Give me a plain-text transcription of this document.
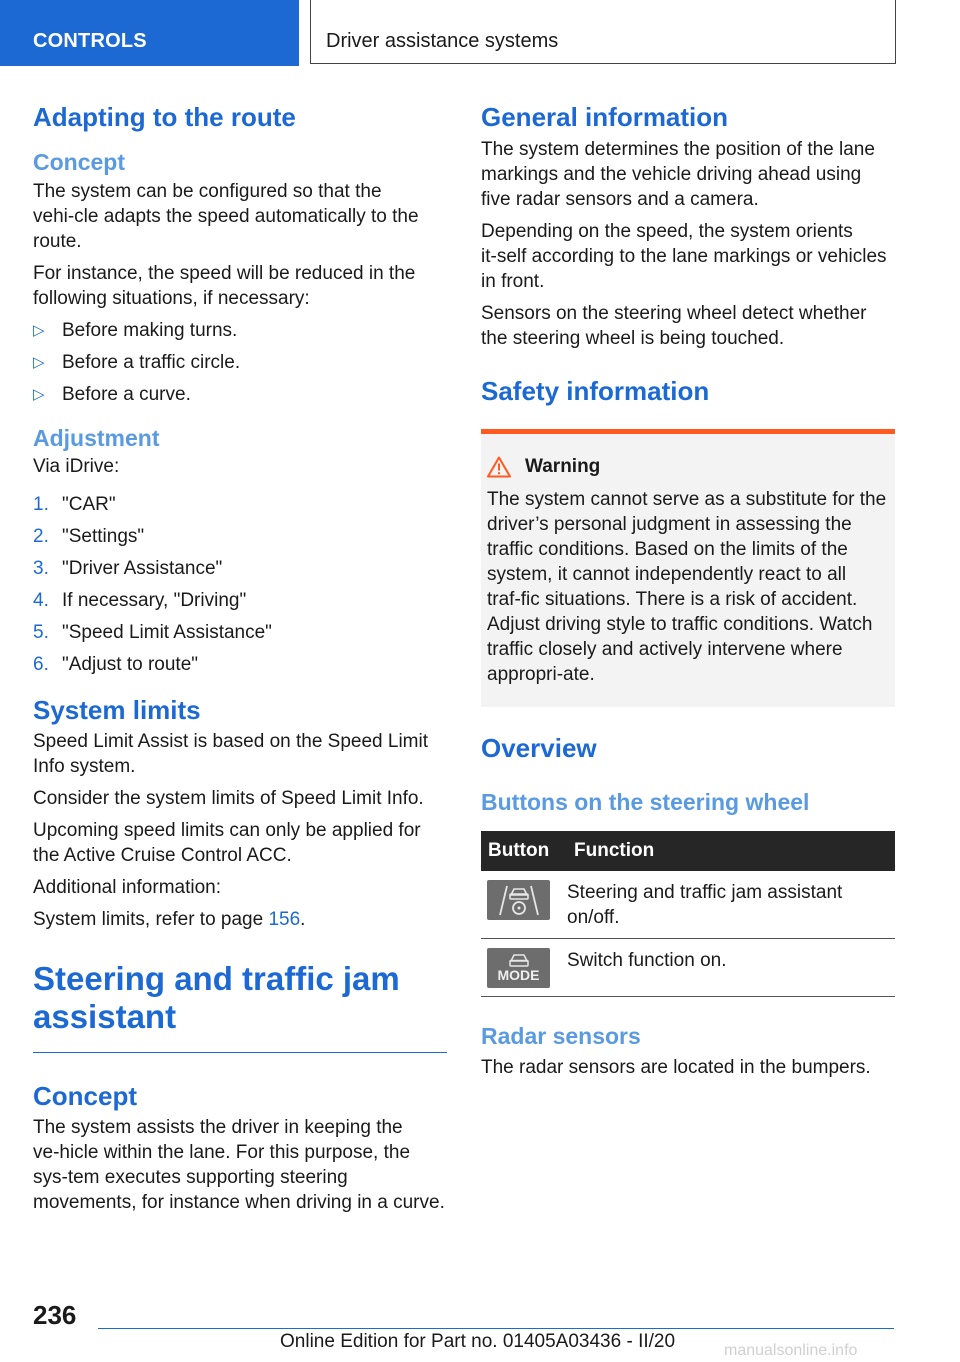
CONTROLS	Driver assistance systems
Adapting to the route
Concept

The system can be configured so that the vehi‑cle adapts the speed automatically to the route.

For instance, the speed will be reduced in the following situations, if necessary:

▷ Before making turns.
▷ Before a traffic circle.
▷ Before a curve.
Adjustment

Via iDrive:

1. "CAR"
2. "Settings"
3. "Driver Assistance"
4. If necessary, "Driving"
5. "Speed Limit Assistance"
6. "Adjust to route"
System limits

Speed Limit Assist is based on the Speed Limit Info system.

Consider the system limits of Speed Limit Info.

Upcoming speed limits can only be applied for the Active Cruise Control ACC.

Additional information:

System limits, refer to page 156.

Steering and traffic jam assistant
Concept

The system assists the driver in keeping the ve‑hicle within the lane. For this purpose, the sys‑tem executes supporting steering movements, for instance when driving in a curve.

General information

The system determines the position of the lane markings and the vehicle driving ahead using five radar sensors and a camera.

Depending on the speed, the system orients it‑self according to the lane markings or vehicles in front.

Sensors on the steering wheel detect whether the steering wheel is being touched.

Safety information
Warning

The system cannot serve as a substitute for the driver’s personal judgment in assessing the traffic conditions. Based on the limits of the system, it cannot independently react to all traf‑fic situations. There is a risk of accident. Adjust driving style to traffic conditions. Watch traffic closely and actively intervene where appropri‑ate.

Overview
Buttons on the steering wheel
Button	Function

	Steering and traffic jam assistant on/off.

MODE	Switch function on.
Radar sensors

The radar sensors are located in the bumpers.

236
Online Edition for Part no. 01405A03436 - II/20	manualsonline.info
